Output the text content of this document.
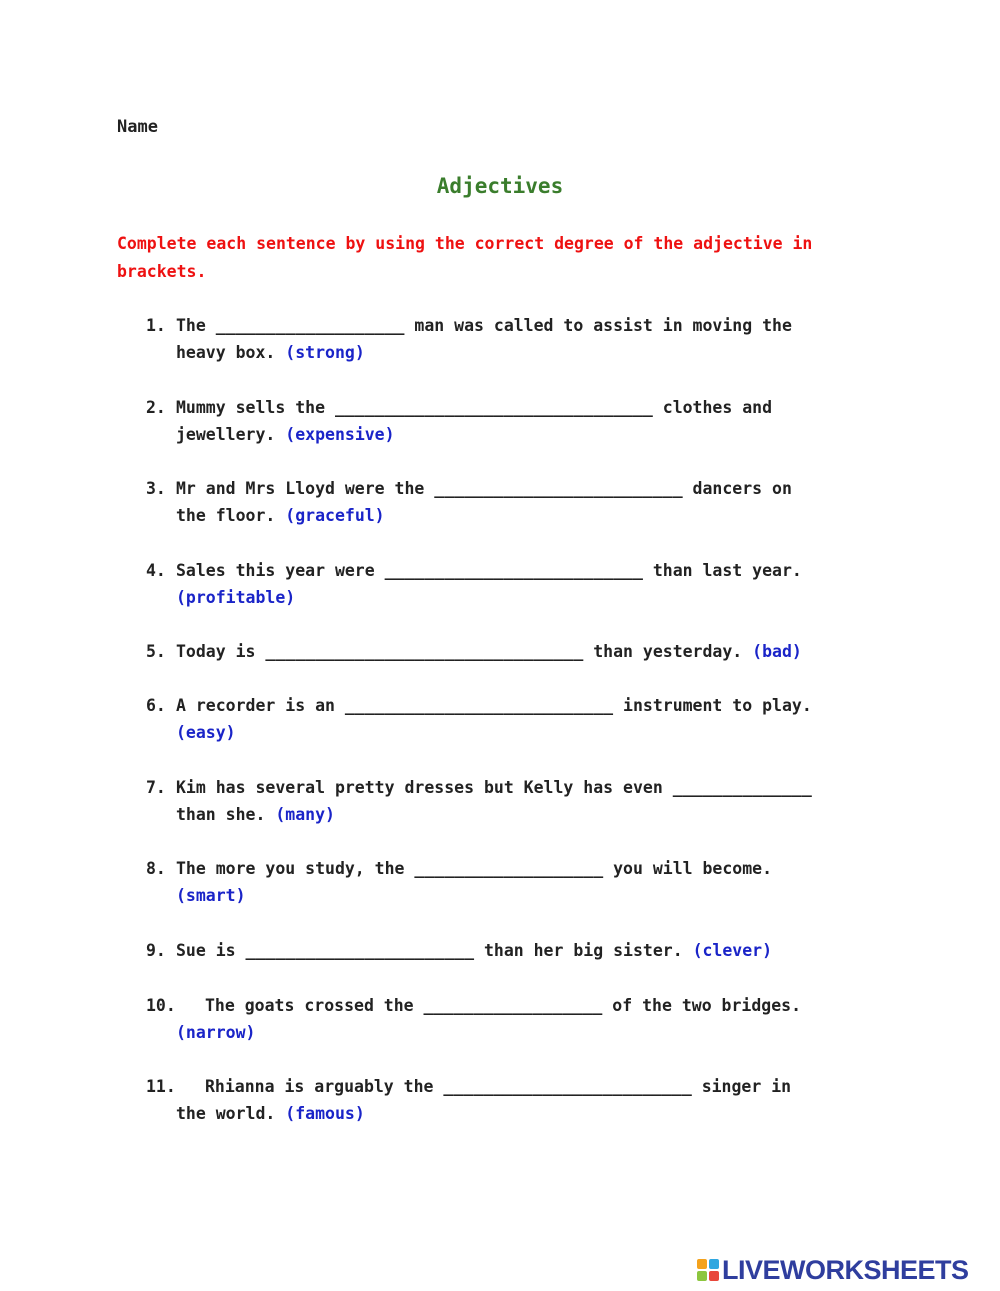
Name
Adjectives
Complete each sentence by using the correct degree of the adjective in brackets.
1. The ___________________ man was called to assist in moving the
heavy box. (strong)
2. Mummy sells the ________________________________ clothes and
jewellery. (expensive)
3. Mr and Mrs Lloyd were the _________________________ dancers on
the floor. (graceful)
4. Sales this year were __________________________ than last year.
(profitable)
5. Today is ________________________________ than yesterday. (bad)
6. A recorder is an ___________________________ instrument to play.
(easy)
7. Kim has several pretty dresses but Kelly has even ______________
than she. (many)
8. The more you study, the ___________________ you will become.
(smart)
9. Sue is _______________________ than her big sister. (clever)
10. The goats crossed the __________________ of the two bridges.
(narrow)
11. Rhianna is arguably the _________________________ singer in
the world. (famous)
LIVEWORKSHEETS
